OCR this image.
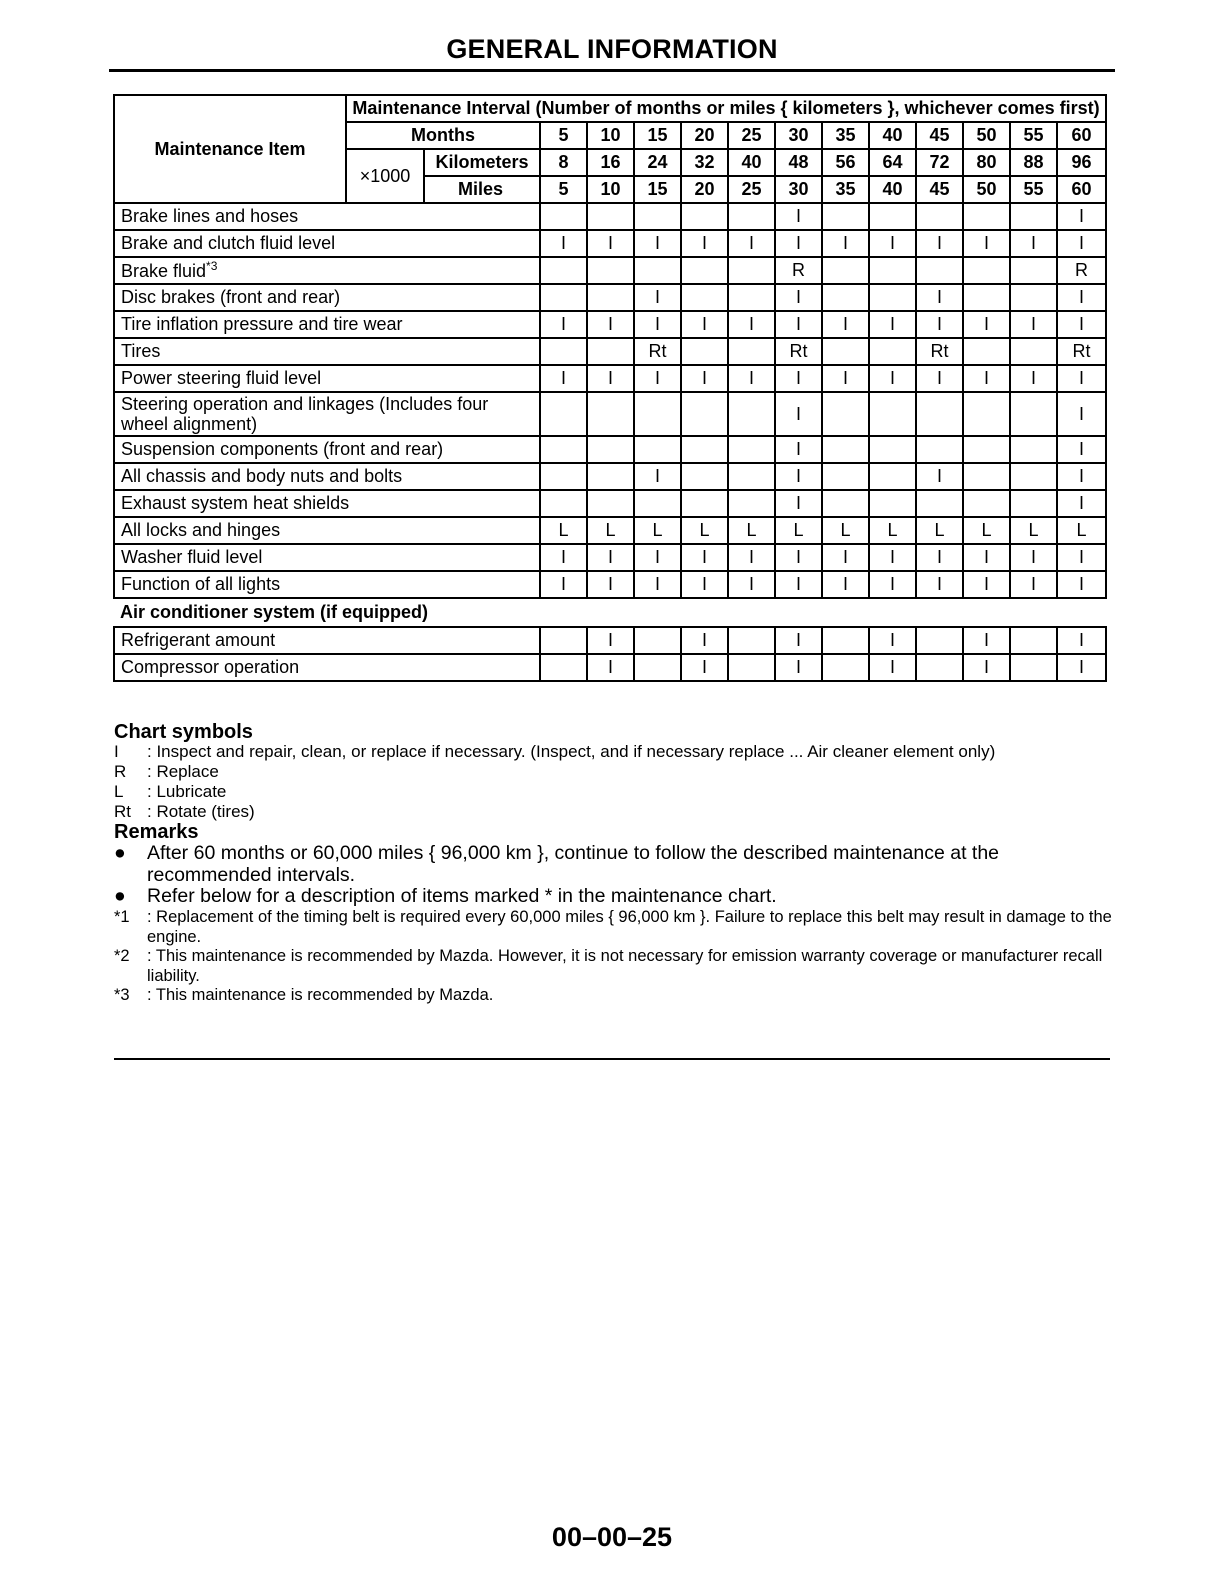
GENERAL INFORMATION
Maintenance Item	Maintenance Interval (Number of months or miles { kilometers }, whichever comes first)													
	Months		5	10	15	20	25	30	35	40	45	50	55	60
	×1000	Kilometers	8	16	24	32	40	48	56	64	72	80	88	96
		Miles	5	10	15	20	25	30	35	40	45	50	55	60
Brake lines and hoses								I						I
Brake and clutch fluid level			I	I	I	I	I	I	I	I	I	I	I	I
Brake fluid$^{*3}$								R						R
Disc brakes (front and rear)					I			I			I			I
Tire inflation pressure and tire wear			I	I	I	I	I	I	I	I	I	I	I	I
Tires					Rt			Rt			Rt			Rt
Power steering fluid level			I	I	I	I	I	I	I	I	I	I	I	I
Steering operation and linkages (Includes four wheel alignment)								I						I
Suspension components (front and rear)								I						I
All chassis and body nuts and bolts					I			I			I			I
Exhaust system heat shields								I						I
All locks and hinges			L	L	L	L	L	L	L	L	L	L	L	L
Washer fluid level			I	I	I	I	I	I	I	I	I	I	I	I
Function of all lights			I	I	I	I	I	I	I	I	I	I	I	I
Air conditioner system (if equipped)														
Refrigerant amount				I		I		I		I		I		I
Compressor operation				I		I		I		I		I		I
Chart symbols
I : Inspect and repair, clean, or replace if necessary. (Inspect, and if necessary replace ... Air cleaner element only)
R : Replace
L : Lubricate
Rt : Rotate (tires)
Remarks
●	After 60 months or 60,000 miles { 96,000 km }, continue to follow the described maintenance at the recommended intervals.
●	Refer below for a description of items marked * in the maintenance chart.
*1	: Replacement of the timing belt is required every 60,000 miles { 96,000 km }. Failure to replace this belt may result in damage to the engine.
*2	: This maintenance is recommended by Mazda. However, it is not necessary for emission warranty coverage or manufacturer recall liability.
*3	: This maintenance is recommended by Mazda.
00–00–25
